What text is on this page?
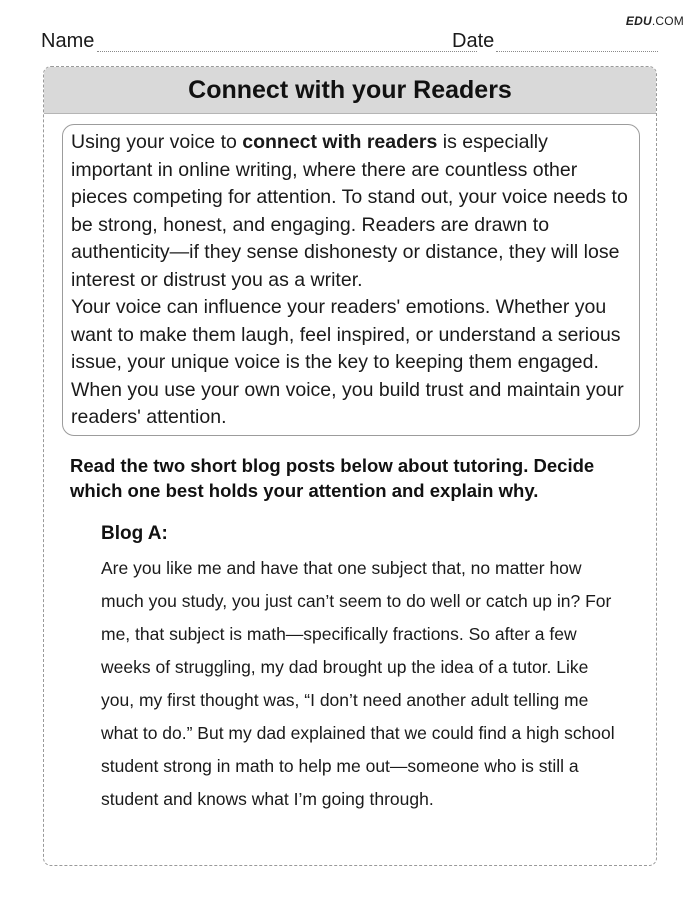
EDU.COM
Name	Date
Connect with your Readers

Using your voice to connect with readers is especially important in online writing, where there are countless other pieces competing for attention. To stand out, your voice needs to be strong, honest, and engaging. Readers are drawn to authenticity—if they sense dishonesty or distance, they will lose interest or distrust you as a writer.

Your voice can influence your readers' emotions. Whether you want to make them laugh, feel inspired, or understand a serious issue, your unique voice is the key to keeping them engaged. When you use your own voice, you build trust and maintain your readers' attention.

Read the two short blog posts below about tutoring. Decide which one best holds your attention and explain why.
Blog A:

Are you like me and have that one subject that, no matter how much you study, you just can’t seem to do well or catch up in? For me, that subject is math—specifically fractions. So after a few weeks of struggling, my dad brought up the idea of a tutor. Like you, my first thought was, “I don’t need another adult telling me what to do.” But my dad explained that we could find a high school student strong in math to help me out—someone who is still a student and knows what I’m going through.
